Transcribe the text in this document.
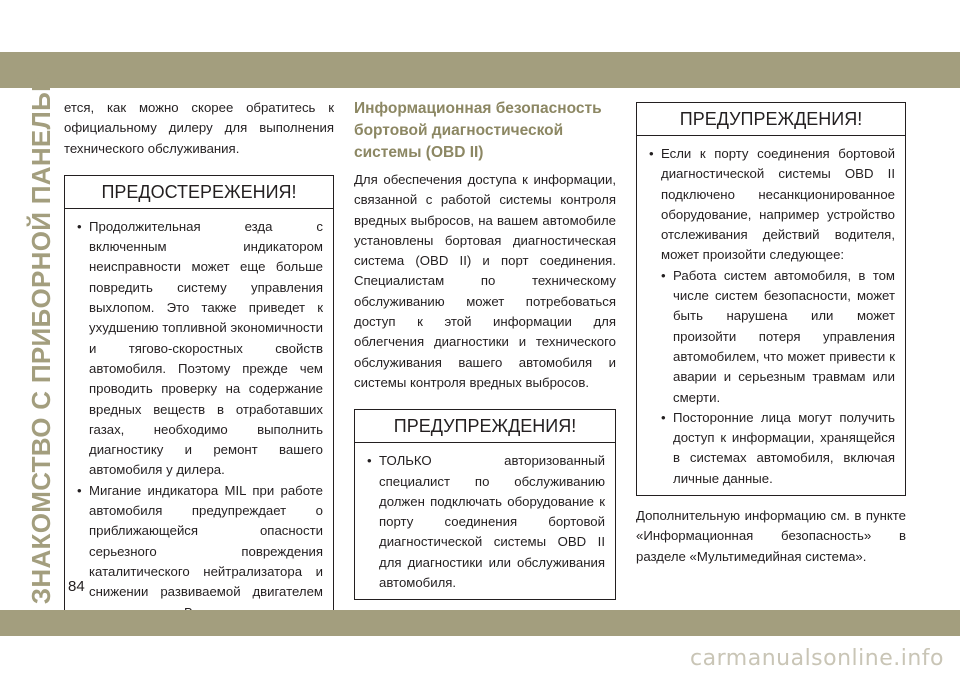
ЗНАКОМСТВО С ПРИБОРНОЙ ПАНЕЛЬЮ ется, как можно скорее обратитесь к официальному дилеру для выполнения технического обслуживания.

ПРЕДОСТЕРЕЖЕНИЯ!
• Продолжительная езда с включенным индикатором неисправности может еще больше повредить систему управления выхлопом. Это также приведет к ухудшению топливной экономичности и тягово-скоростных свойств автомобиля. Поэтому прежде чем проводить проверку на содержание вредных веществ в отработавших газах, необходимо выполнить диагностику и ремонт вашего автомобиля у дилера.
• Мигание индикатора MIL при работе автомобиля предупреждает о приближающейся опасности серьезного повреждения каталитического нейтрализатора и снижении развиваемой двигателем
Информационная безопасность бортовой диагностической системы (OBD II)

Для обеспечения доступа к информации, связанной с работой системы контроля вредных выбросов, на вашем автомобиле установлены бортовая диагностическая система (OBD II) и порт соединения. Специалистам по техническому обслуживанию может потребоваться доступ к этой информации для облегчения диагностики и технического обслуживания вашего автомобиля и системы контроля вредных выбросов.

ПРЕДУПРЕЖДЕНИЯ!
• ТОЛЬКО авторизованный специалист по обслуживанию должен подключать оборудование к порту соединения бортовой диагностической системы OBD II для диагностики или обслуживания автомобиля.
ПРЕДУПРЕЖДЕНИЯ!
• Если к порту соединения бортовой диагностической системы OBD II подключено несанкционированное оборудование, например устройство отслеживания действий водителя, может произойти следующее:
• Работа систем автомобиля, в том числе систем безопасности, может быть нарушена или может произойти потеря управления автомобилем, что может привести к аварии и серьезным травмам или смерти.
• Посторонние лица могут получить доступ к информации, хранящейся в системах автомобиля, включая личные данные.

Дополнительную информацию см. в пункте «Информационная безопасность» в разделе «Мультимедийная система».

84
carmanualsonline.info
